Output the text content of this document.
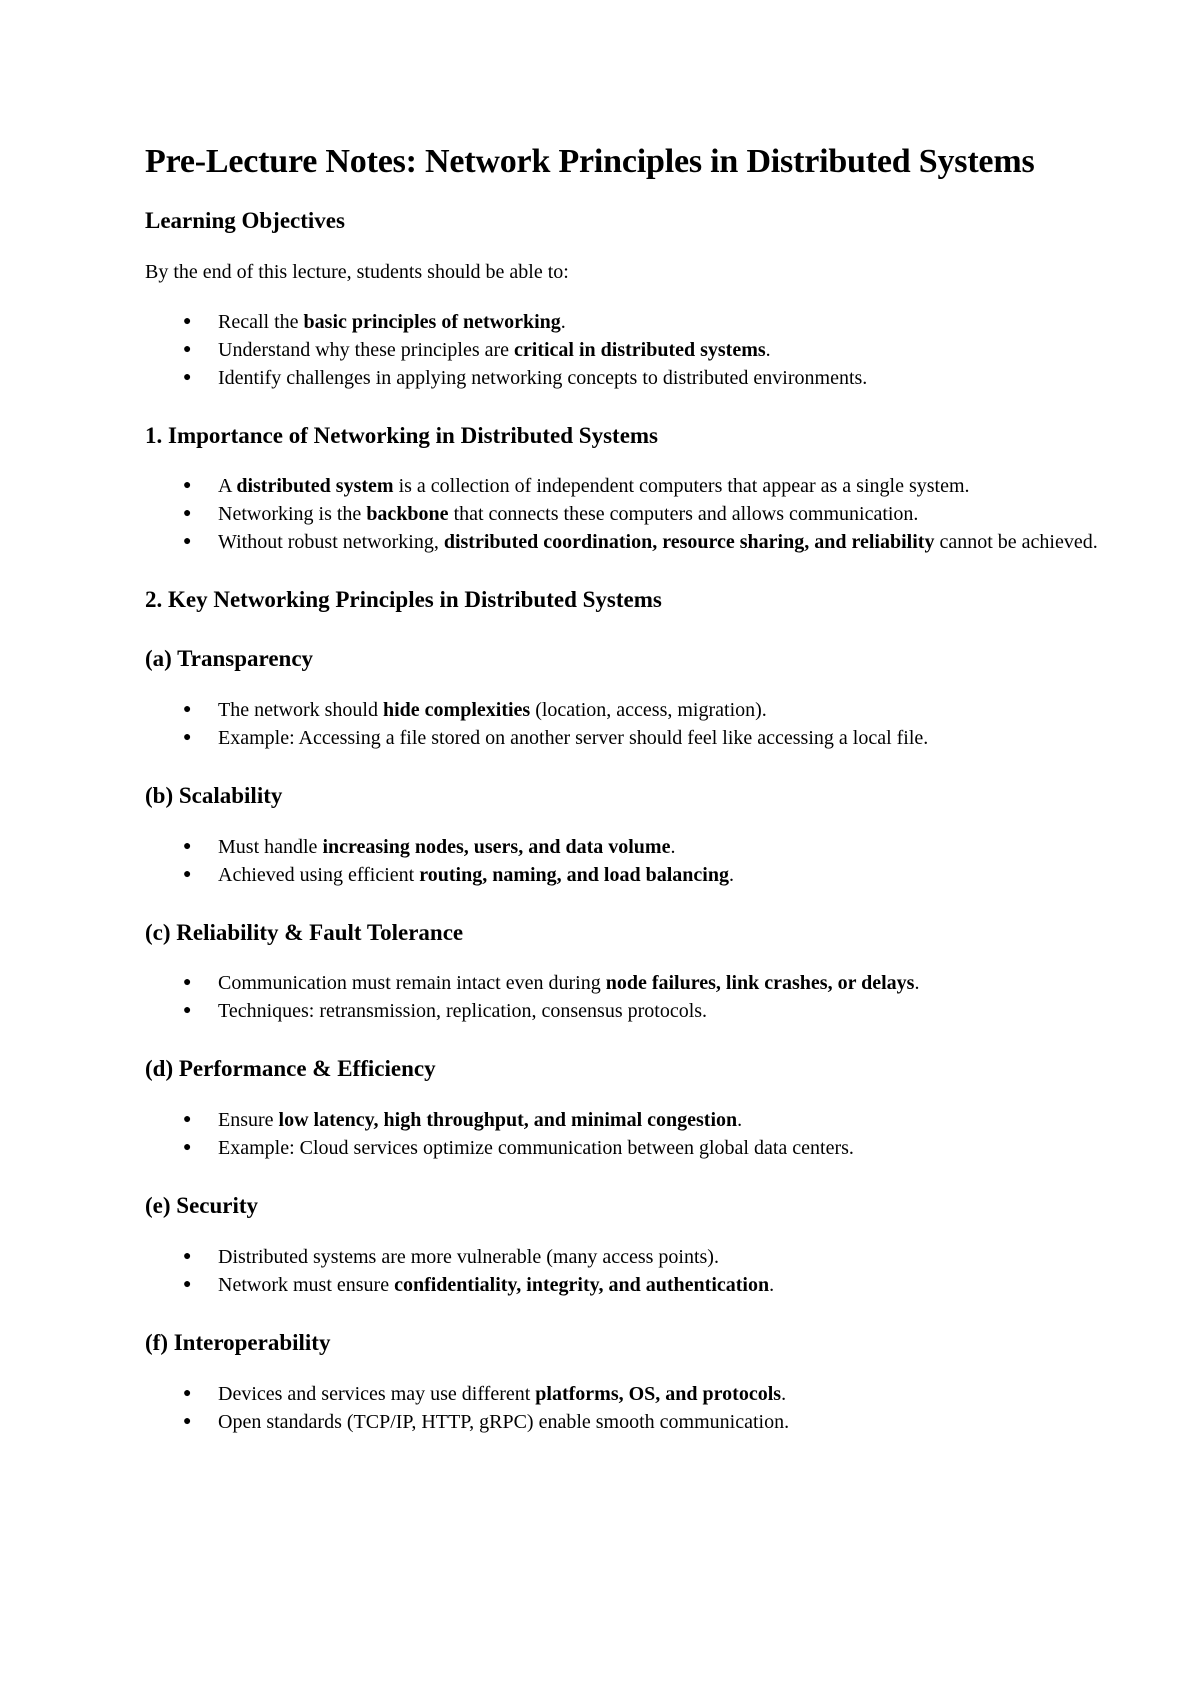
Pre-Lecture Notes: Network Principles in Distributed Systems
Learning Objectives

By the end of this lecture, students should be able to:

● Recall the basic principles of networking.
● Understand why these principles are critical in distributed systems.
● Identify challenges in applying networking concepts to distributed environments.
1. Importance of Networking in Distributed Systems
● A distributed system is a collection of independent computers that appear as a single system.
● Networking is the backbone that connects these computers and allows communication.
● Without robust networking, distributed coordination, resource sharing, and reliability cannot be achieved.
2. Key Networking Principles in Distributed Systems
(a) Transparency
● The network should hide complexities (location, access, migration).
● Example: Accessing a file stored on another server should feel like accessing a local file.
(b) Scalability
● Must handle increasing nodes, users, and data volume.
● Achieved using efficient routing, naming, and load balancing.
(c) Reliability & Fault Tolerance
● Communication must remain intact even during node failures, link crashes, or delays.
● Techniques: retransmission, replication, consensus protocols.
(d) Performance & Efficiency
● Ensure low latency, high throughput, and minimal congestion.
● Example: Cloud services optimize communication between global data centers.
(e) Security
● Distributed systems are more vulnerable (many access points).
● Network must ensure confidentiality, integrity, and authentication.
(f) Interoperability
● Devices and services may use different platforms, OS, and protocols.
● Open standards (TCP/IP, HTTP, gRPC) enable smooth communication.
